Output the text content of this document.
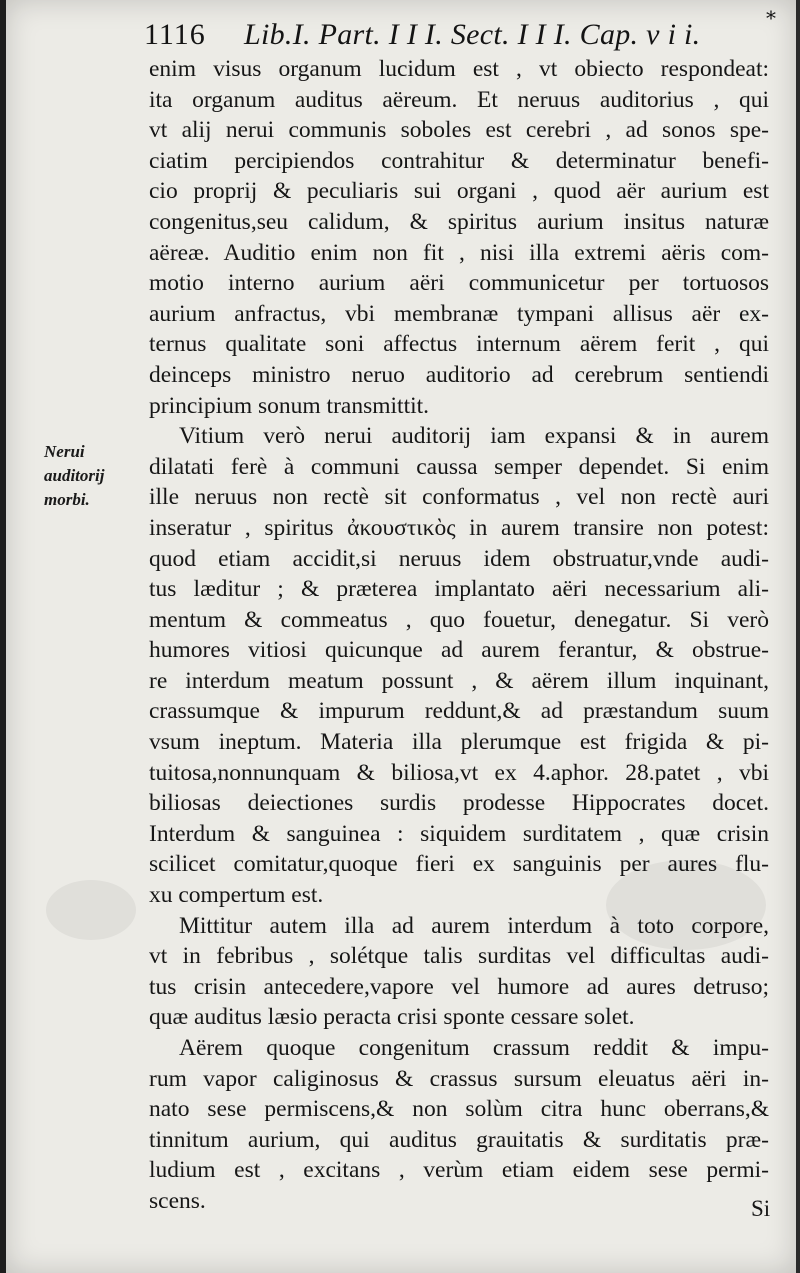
1116 Lib.I. Part. I I I. Sect. I I I. Cap. v i i.	*
Nerui
auditorij
morbi.
enim visus organum lucidum est , vt obiecto respondeat:
ita organum auditus aëreum. Et neruus auditorius , qui
vt alij nerui communis soboles est cerebri , ad sonos spe-
ciatim percipiendos contrahitur & determinatur benefi-
cio proprij & peculiaris sui organi , quod aër aurium est
congenitus,seu calidum, & spiritus aurium insitus naturæ
aëreæ. Auditio enim non fit , nisi illa extremi aëris com-
motio interno aurium aëri communicetur per tortuosos
aurium anfractus, vbi membranæ tympani allisus aër ex-
ternus qualitate soni affectus internum aërem ferit , qui
deinceps ministro neruo auditorio ad cerebrum sentiendi
principium sonum transmittit.
Vitium verò nerui auditorij iam expansi & in aurem
dilatati ferè à communi caussa semper dependet. Si enim
ille neruus non rectè sit conformatus , vel non rectè auri
inseratur , spiritus ἀκουστικὸς in aurem transire non potest:
quod etiam accidit,si neruus idem obstruatur,vnde audi-
tus læditur ; & præterea implantato aëri necessarium ali-
mentum & commeatus , quo fouetur, denegatur. Si verò
humores vitiosi quicunque ad aurem ferantur, & obstrue-
re interdum meatum possunt , & aërem illum inquinant,
crassumque & impurum reddunt,& ad præstandum suum
vsum ineptum. Materia illa plerumque est frigida & pi-
tuitosa,nonnunquam & biliosa,vt ex 4.aphor. 28.patet , vbi
biliosas deiectiones surdis prodesse Hippocrates docet.
Interdum & sanguinea : siquidem surditatem , quæ crisin
scilicet comitatur,quoque fieri ex sanguinis per aures flu-
xu compertum est.
Mittitur autem illa ad aurem interdum à toto corpore,
vt in febribus , solétque talis surditas vel difficultas audi-
tus crisin antecedere,vapore vel humore ad aures detruso;
quæ auditus læsio peracta crisi sponte cessare solet.
Aërem quoque congenitum crassum reddit & impu-
rum vapor caliginosus & crassus sursum eleuatus aëri in-
nato sese permiscens,& non solùm citra hunc oberrans,&
tinnitum aurium, qui auditus grauitatis & surditatis præ-
ludium est , excitans , verùm etiam eidem sese permi-
scens.	Si
